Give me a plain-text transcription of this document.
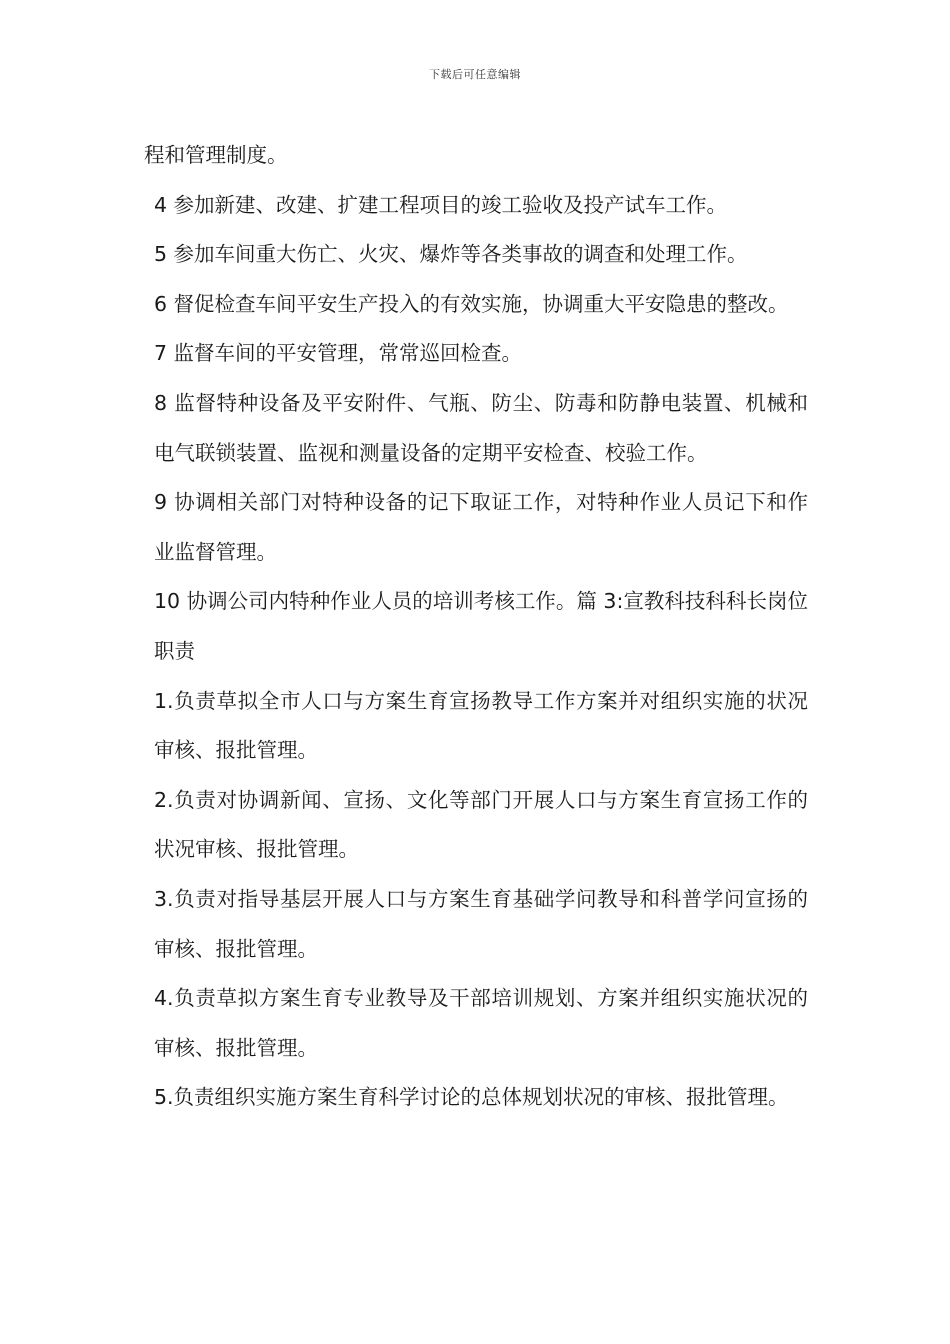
下载后可任意编辑

程和管理制度。

4 参加新建、改建、扩建工程项目的竣工验收及投产试车工作。

5 参加车间重大伤亡、火灾、爆炸等各类事故的调查和处理工作。

6 督促检查车间平安生产投入的有效实施，协调重大平安隐患的整改。

7 监督车间的平安管理，常常巡回检查。

8 监督特种设备及平安附件、气瓶、防尘、防毒和防静电装置、机械和电气联锁装置、监视和测量设备的定期平安检查、校验工作。

9 协调相关部门对特种设备的记下取证工作，对特种作业人员记下和作业监督管理。

10 协调公司内特种作业人员的培训考核工作。篇 3:宣教科技科科长岗位职责

1.负责草拟全市人口与方案生育宣扬教导工作方案并对组织实施的状况审核、报批管理。

2.负责对协调新闻、宣扬、文化等部门开展人口与方案生育宣扬工作的状况审核、报批管理。

3.负责对指导基层开展人口与方案生育基础学问教导和科普学问宣扬的审核、报批管理。

4.负责草拟方案生育专业教导及干部培训规划、方案并组织实施状况的审核、报批管理。

5.负责组织实施方案生育科学讨论的总体规划状况的审核、报批管理。
